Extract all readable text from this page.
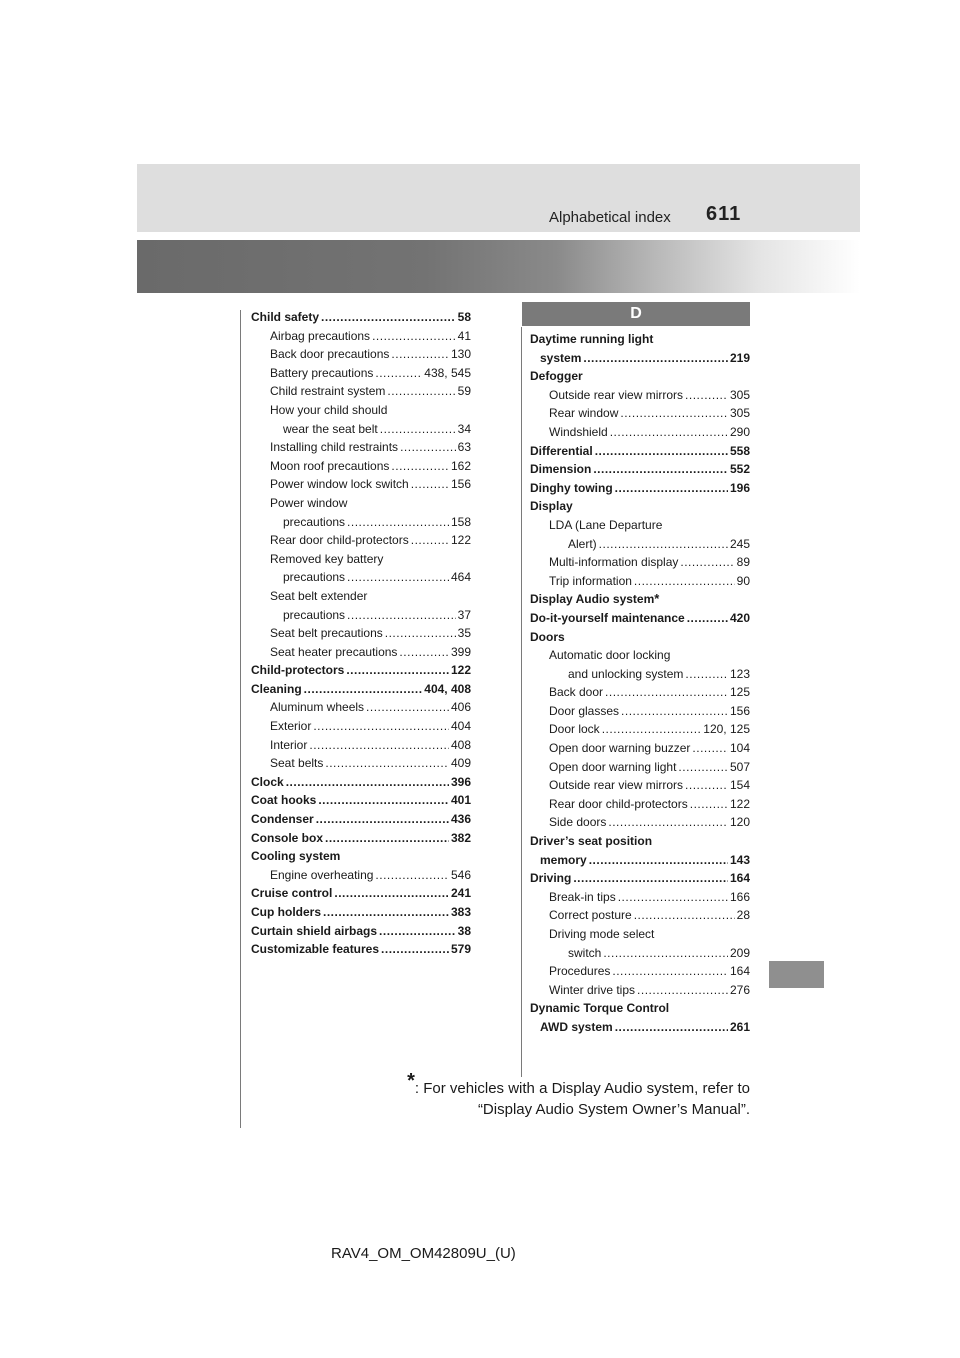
Alphabetical index 611
Child safety .....	58
Airbag precautions .....	41
Back door precautions .....	130
Battery precautions .....	438, 545
Child restraint system .....	59
How your child should
wear the seat belt .....	34
Installing child restraints .....	63
Moon roof precautions .....	162
Power window lock switch .....	156
Power window
precautions .....	158
Rear door child-protectors .....	122
Removed key battery
precautions .....	464
Seat belt extender
precautions .....	37
Seat belt precautions .....	35
Seat heater precautions .....	399
Child-protectors .....	122
Cleaning .....	404, 408
Aluminum wheels .....	406
Exterior .....	404
Interior .....	408
Seat belts .....	409
Clock .....	396
Coat hooks .....	401
Condenser .....	436
Console box .....	382
Cooling system
Engine overheating .....	546
Cruise control .....	241
Cup holders .....	383
Curtain shield airbags .....	38
Customizable features .....	579
D
Daytime running light
system .....	219
Defogger
Outside rear view mirrors .....	305
Rear window .....	305
Windshield .....	290
Differential .....	558
Dimension .....	552
Dinghy towing .....	196
Display
LDA (Lane Departure
Alert) .....	245
Multi-information display .....	89
Trip information .....	90
Display Audio system *
Do-it-yourself maintenance .....	420
Doors
Automatic door locking
and unlocking system .....	123
Back door .....	125
Door glasses .....	156
Door lock .....	120, 125
Open door warning buzzer .....	104
Open door warning light .....	507
Outside rear view mirrors .....	154
Rear door child-protectors .....	122
Side doors .....	120
Driver’s seat position
memory .....	143
Driving .....	164
Break-in tips .....	166
Correct posture .....	28
Driving mode select
switch .....	209
Procedures .....	164
Winter drive tips .....	276
Dynamic Torque Control
AWD system .....	261
*: For vehicles with a Display Audio system, refer to
“Display Audio System Owner’s Manual”.
RAV4_OM_OM42809U_(U)
